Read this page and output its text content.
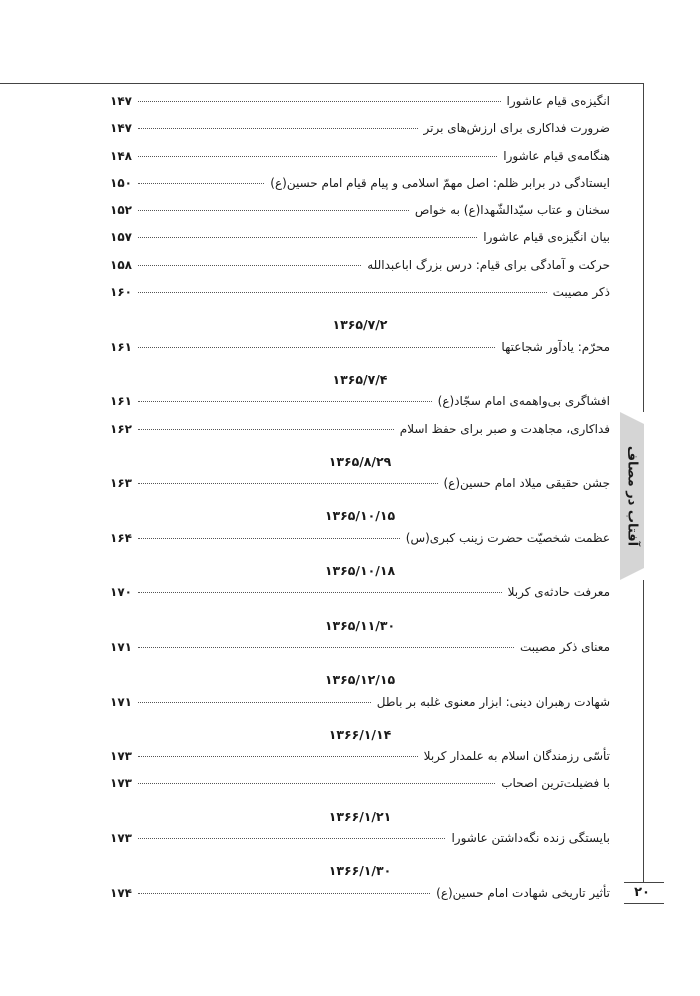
انگیزه‌ی قیام عاشورا
۱۴۷
ضرورت فداکاری برای ارزش‌های برتر
۱۴۷
هنگامه‌ی قیام عاشورا
۱۴۸
ایستادگی در برابر ظلم: اصل مهمّ اسلامی و پیام قیام امام حسین(ع)
۱۵۰
سخنان و عتاب سیّدالشّهدا(ع) به خواص
۱۵۲
بیان انگیزه‌ی قیام عاشورا
۱۵۷
حرکت و آمادگی برای قیام: درس بزرگ اباعبدالله
۱۵۸
ذکر مصیبت
۱۶۰
۱۳۶۵/۷/۲
محرّم: یادآور شجاعتها
۱۶۱
۱۳۶۵/۷/۴
افشاگری بی‌واهمه‌ی امام سجّاد(ع)
۱۶۱
فداکاری، مجاهدت و صبر برای حفظ اسلام
۱۶۲
۱۳۶۵/۸/۲۹
جشن حقیقی میلاد امام حسین(ع)
۱۶۳
۱۳۶۵/۱۰/۱۵
عظمت شخصیّت حضرت زینب کبری(س)
۱۶۴
۱۳۶۵/۱۰/۱۸
معرفت حادثه‌ی کربلا
۱۷۰
۱۳۶۵/۱۱/۳۰
معنای ذکر مصیبت
۱۷۱
۱۳۶۵/۱۲/۱۵
شهادت رهبران دینی: ابزار معنوی غلبه بر باطل
۱۷۱
۱۳۶۶/۱/۱۴
تأسّی رزمندگان اسلام به علمدار کربلا
۱۷۳
با فضیلت‌ترین اصحاب
۱۷۳
۱۳۶۶/۱/۲۱
بایستگی زنده نگه‌داشتن عاشورا
۱۷۳
۱۳۶۶/۱/۳۰
تأثیر تاریخی شهادت امام حسین(ع)
۱۷۴
آفتاب در مصاف
۲۰
